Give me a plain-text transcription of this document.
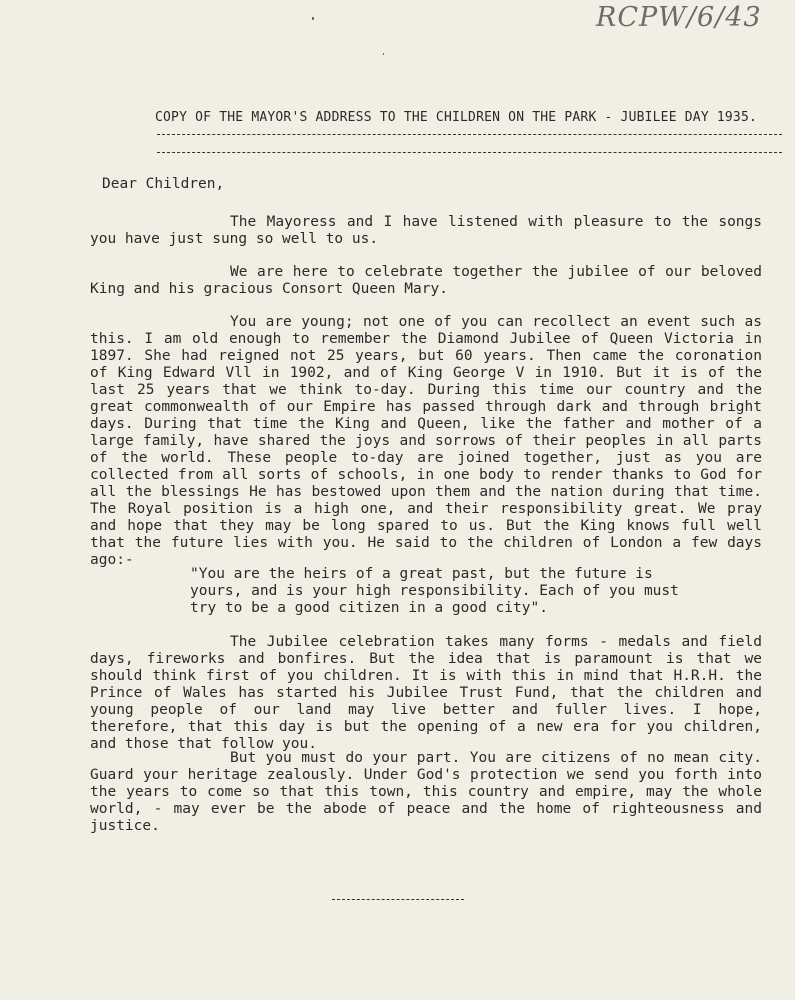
RCPW/6/43
COPY OF THE MAYOR'S ADDRESS TO THE CHILDREN ON THE PARK - JUBILEE DAY 1935.
Dear Children,

The Mayoress and I have listened with pleasure to the songs you have just sung so well to us.

We are here to celebrate together the jubilee of our beloved King and his gracious Consort Queen Mary.

You are young; not one of you can recollect an event such as this. I am old enough to remember the Diamond Jubilee of Queen Victoria in 1897. She had reigned not 25 years, but 60 years. Then came the coronation of King Edward Vll in 1902, and of King George V in 1910. But it is of the last 25 years that we think to-day. During this time our country and the great commonwealth of our Empire has passed through dark and through bright days. During that time the King and Queen, like the father and mother of a large family, have shared the joys and sorrows of their peoples in all parts of the world. These people to-day are joined together, just as you are collected from all sorts of schools, in one body to render thanks to God for all the blessings He has bestowed upon them and the nation during that time. The Royal position is a high one, and their responsibility great. We pray and hope that they may be long spared to us. But the King knows full well that the future lies with you. He said to the children of London a few days ago:-

"You are the heirs of a great past, but the future is yours, and is your high responsibility. Each of you must try to be a good citizen in a good city".

The Jubilee celebration takes many forms - medals and field days, fireworks and bonfires. But the idea that is paramount is that we should think first of you children. It is with this in mind that H.R.H. the Prince of Wales has started his Jubilee Trust Fund, that the children and young people of our land may live better and fuller lives. I hope, therefore, that this day is but the opening of a new era for you children, and those that follow you.

But you must do your part. You are citizens of no mean city. Guard your heritage zealously. Under God's protection we send you forth into the years to come so that this town, this country and empire, may the whole world, - may ever be the abode of peace and the home of righteousness and justice.
